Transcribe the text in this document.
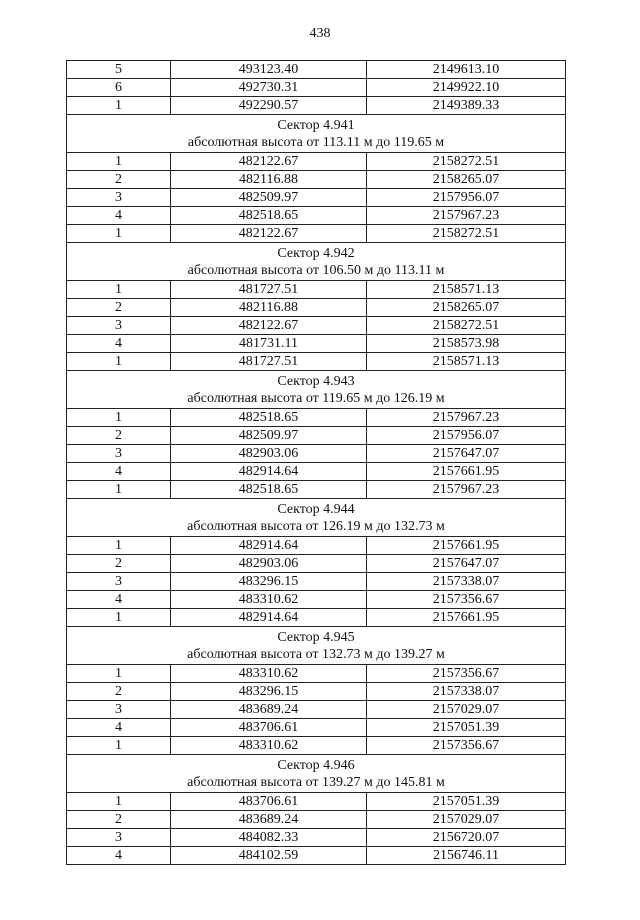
438
5	493123.40	2149613.10
6	492730.31	2149922.10
1	492290.57	2149389.33

Сектор 4.941
абсолютная высота от 113.11 м до 119.65 м		

1	482122.67	2158272.51
2	482116.88	2158265.07
3	482509.97	2157956.07
4	482518.65	2157967.23
1	482122.67	2158272.51

Сектор 4.942
абсолютная высота от 106.50 м до 113.11 м		

1	481727.51	2158571.13
2	482116.88	2158265.07
3	482122.67	2158272.51
4	481731.11	2158573.98
1	481727.51	2158571.13

Сектор 4.943
абсолютная высота от 119.65 м до 126.19 м		

1	482518.65	2157967.23
2	482509.97	2157956.07
3	482903.06	2157647.07
4	482914.64	2157661.95
1	482518.65	2157967.23

Сектор 4.944
абсолютная высота от 126.19 м до 132.73 м		

1	482914.64	2157661.95
2	482903.06	2157647.07
3	483296.15	2157338.07
4	483310.62	2157356.67
1	482914.64	2157661.95

Сектор 4.945
абсолютная высота от 132.73 м до 139.27 м		

1	483310.62	2157356.67
2	483296.15	2157338.07
3	483689.24	2157029.07
4	483706.61	2157051.39
1	483310.62	2157356.67

Сектор 4.946
абсолютная высота от 139.27 м до 145.81 м		

1	483706.61	2157051.39
2	483689.24	2157029.07
3	484082.33	2156720.07
4	484102.59	2156746.11
